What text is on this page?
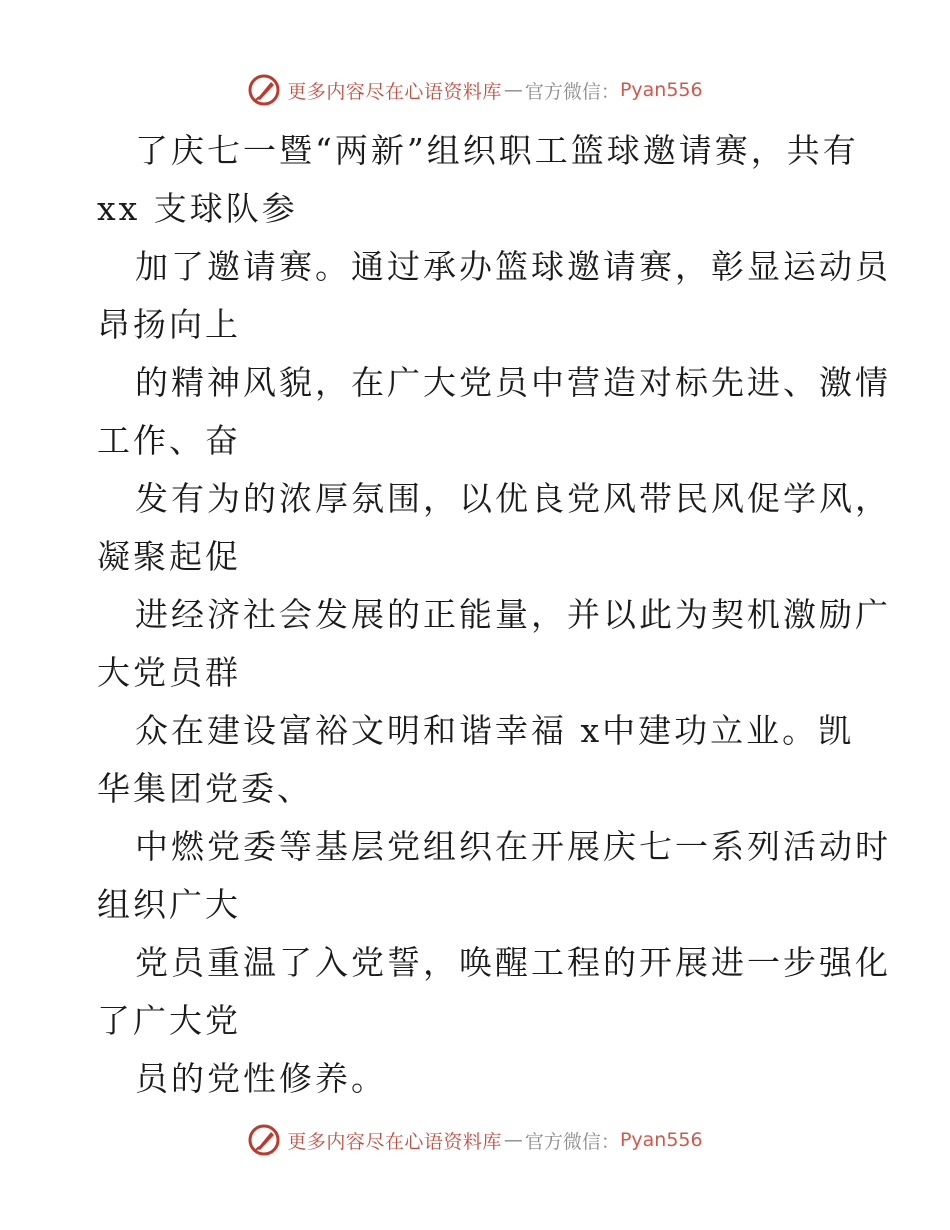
更多内容尽在心语资料库 — 官方微信： Pyan556
了庆七一暨“两新”组织职工篮球邀请赛，共有
xx 支球队参
加了邀请赛。通过承办篮球邀请赛，彰显运动员
昂扬向上
的精神风貌，在广大党员中营造对标先进、激情
工作、奋
发有为的浓厚氛围，以优良党风带民风促学风，
凝聚起促
进经济社会发展的正能量，并以此为契机激励广
大党员群
众在建设富裕文明和谐幸福 x中建功立业。凯
华集团党委、
中燃党委等基层党组织在开展庆七一系列活动时
组织广大
党员重温了入党誓，唤醒工程的开展进一步强化
了广大党
员的党性修养。
更多内容尽在心语资料库 — 官方微信： Pyan556
